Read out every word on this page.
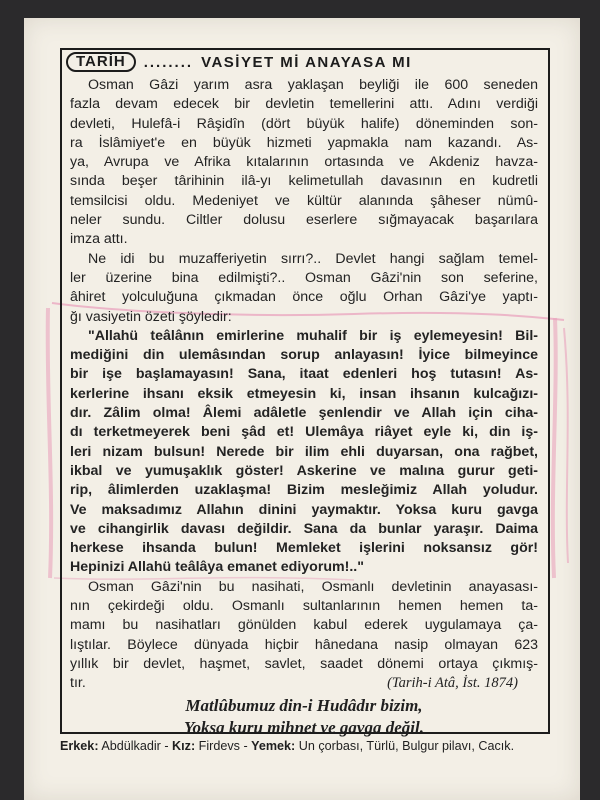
TARİH	........ VASİYET Mİ ANAYASA MI
Osman Gâzi yarım asra yaklaşan beyliği ile 600 seneden
fazla devam edecek bir devletin temellerini attı. Adını verdiği
devleti, Hulefâ-i Râşidîn (dört büyük halife) döneminden son-
ra İslâmiyet'e en büyük hizmeti yapmakla nam kazandı. As-
ya, Avrupa ve Afrika kıtalarının ortasında ve Akdeniz havza-
sında beşer târihinin ilâ-yı kelimetullah davasının en kudretli
temsilcisi oldu. Medeniyet ve kültür alanında şâheser nümû-
neler sundu. Ciltler dolusu eserlere sığmayacak başarılara
imza attı.
Ne idi bu muzafferiyetin sırrı?.. Devlet hangi sağlam temel-
ler üzerine bina edilmişti?.. Osman Gâzi'nin son seferine,
âhiret yolculuğuna çıkmadan önce oğlu Orhan Gâzi'ye yaptı-
ğı vasiyetin özeti şöyledir:
"Allahü teâlânın emirlerine muhalif bir iş eylemeyesin! Bil-
mediğini din ulemâsından sorup anlayasın! İyice bilmeyince
bir işe başlamayasın! Sana, itaat edenleri hoş tutasın! As-
kerlerine ihsanı eksik etmeyesin ki, insan ihsanın kulcağızı-
dır. Zâlim olma! Âlemi adâletle şenlendir ve Allah için ciha-
dı terketmeyerek beni şâd et! Ulemâya riâyet eyle ki, din iş-
leri nizam bulsun! Nerede bir ilim ehli duyarsan, ona rağbet,
ikbal ve yumuşaklık göster! Askerine ve malına gurur geti-
rip, âlimlerden uzaklaşma! Bizim mesleğimiz Allah yoludur.
Ve maksadımız Allahın dinini yaymaktır. Yoksa kuru gavga
ve cihangirlik davası değildir. Sana da bunlar yaraşır. Daima
herkese ihsanda bulun! Memleket işlerini noksansız gör!
Hepinizi Allahü teâlâya emanet ediyorum!.."
Osman Gâzi'nin bu nasihati, Osmanlı devletinin anayasası-
nın çekirdeği oldu. Osmanlı sultanlarının hemen hemen ta-
mamı bu nasihatları gönülden kabul ederek uygulamaya ça-
lıştılar. Böylece dünyada hiçbir hânedana nasip olmayan 623
yıllık bir devlet, haşmet, savlet, saadet dönemi ortaya çıkmış-
tır.	(Tarih-i Atâ, İst. 1874)
Matlûbumuz din-i Hudâdır bizim,
Yoksa kuru mihnet ve gavga değil.
Erkek: Abdülkadir - Kız: Firdevs - Yemek: Un çorbası, Türlü, Bulgur pilavı, Cacık.
